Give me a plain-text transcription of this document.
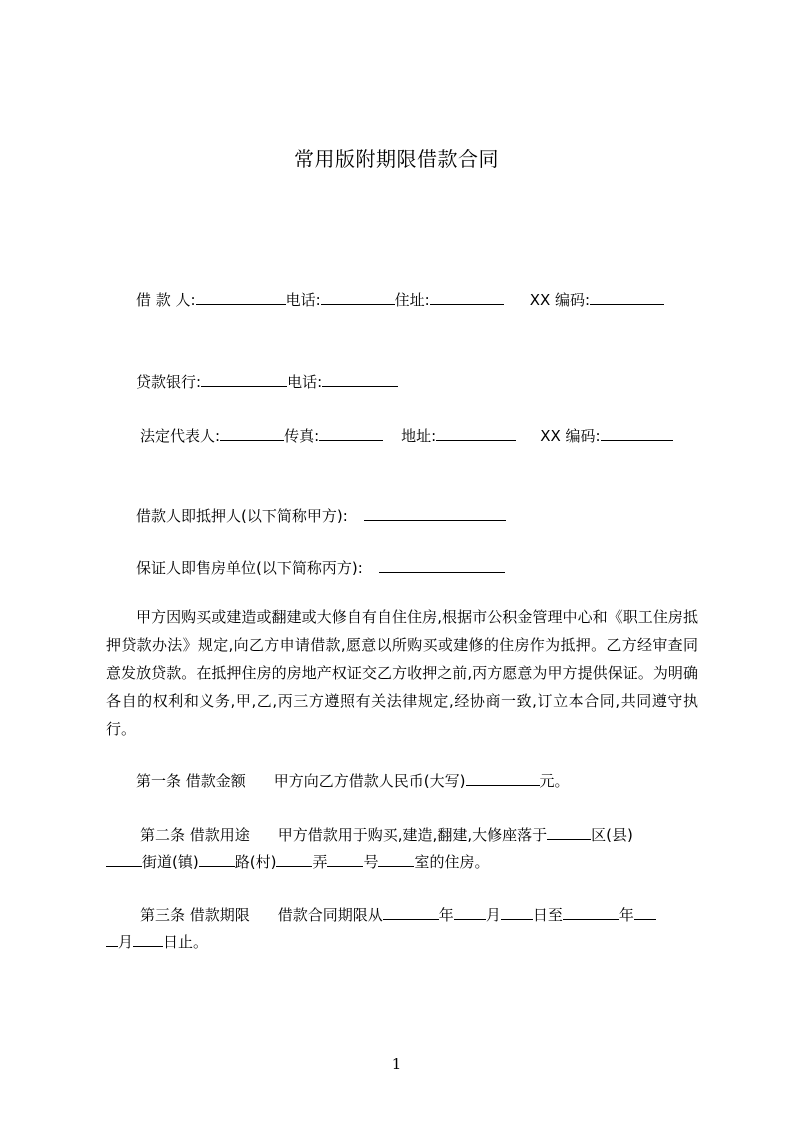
常用版附期限借款合同
借 款 人:	电话:	住址:	XX 编码:
贷款银行:	电话:
法定代表人:	传真:	地址:	XX 编码:
借款人即抵押人(以下简称甲方):
保证人即售房单位(以下简称丙方):
甲方因购买或建造或翻建或大修自有自住住房,根据市公积金管理中心和《职工住房抵押贷款办法》规定,向乙方申请借款,愿意以所购买或建修的住房作为抵押。乙方经审查同意发放贷款。在抵押住房的房地产权证交乙方收押之前,丙方愿意为甲方提供保证。为明确各自的权利和义务,甲,乙,丙三方遵照有关法律规定,经协商一致,订立本合同,共同遵守执行。
第一条 借款金额 甲方向乙方借款人民币(大写)	元。
第二条 借款用途 甲方借款用于购买,建造,翻建,大修座落于	区(县)
街道(镇) 路(村) 弄 号 室的住房。
第三条 借款期限 借款合同期限从	年 月 日至	年
月 日止。
1
